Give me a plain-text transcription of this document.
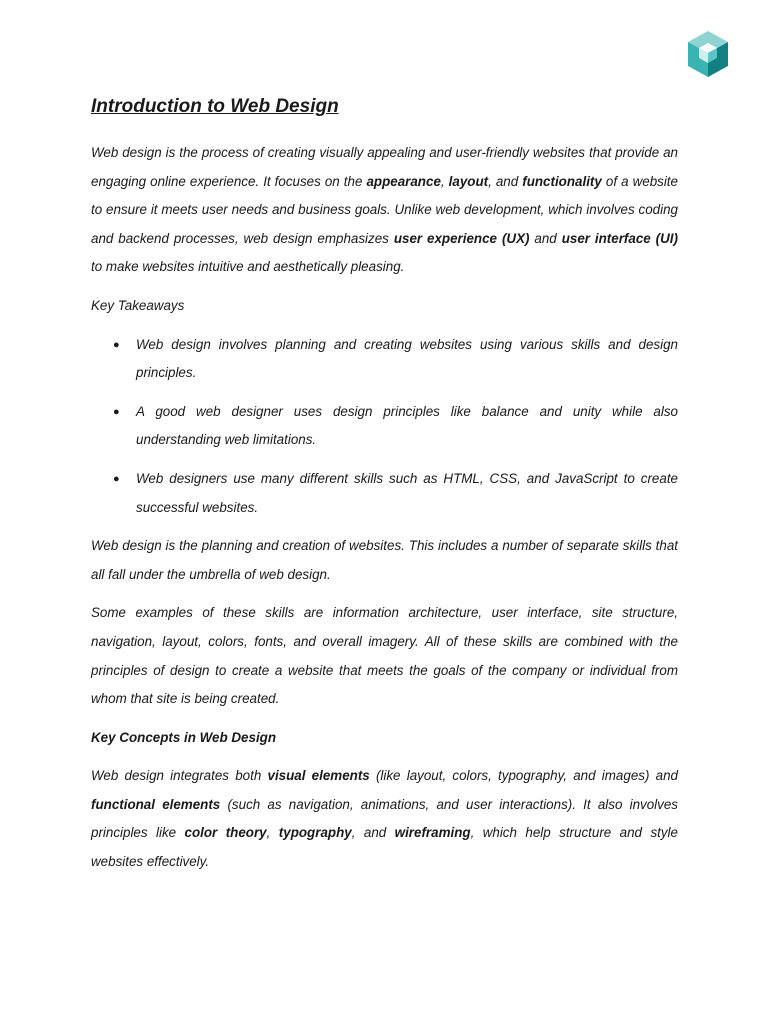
Introduction to Web Design

Web design is the process of creating visually appealing and user-friendly websites that provide an engaging online experience. It focuses on the appearance, layout, and functionality of a website to ensure it meets user needs and business goals. Unlike web development, which involves coding and backend processes, web design emphasizes user experience (UX) and user interface (UI) to make websites intuitive and aesthetically pleasing.

Key Takeaways

● Web design involves planning and creating websites using various skills and design principles.
● A good web designer uses design principles like balance and unity while also understanding web limitations.
● Web designers use many different skills such as HTML, CSS, and JavaScript to create successful websites.

Web design is the planning and creation of websites. This includes a number of separate skills that all fall under the umbrella of web design.

Some examples of these skills are information architecture, user interface, site structure, navigation, layout, colors, fonts, and overall imagery. All of these skills are combined with the principles of design to create a website that meets the goals of the company or individual from whom that site is being created.

Key Concepts in Web Design

Web design integrates both visual elements (like layout, colors, typography, and images) and functional elements (such as navigation, animations, and user interactions). It also involves principles like color theory, typography, and wireframing, which help structure and style websites effectively.
